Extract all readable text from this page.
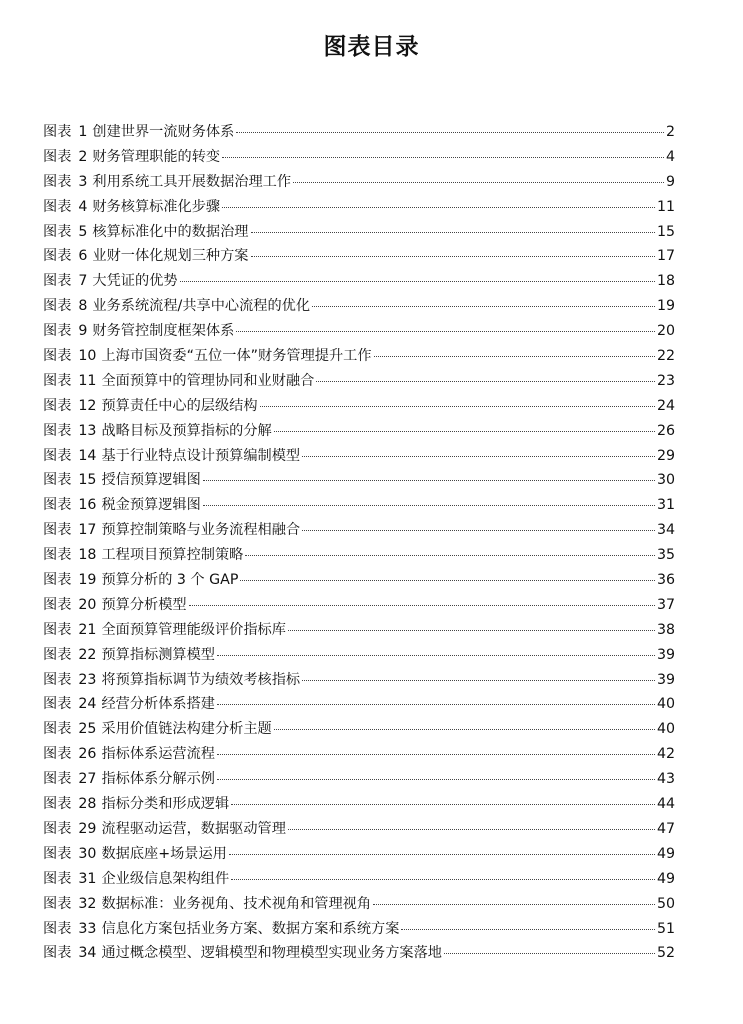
图表目录
图表 1 创建世界一流财务体系	2
图表 2 财务管理职能的转变	4
图表 3 利用系统工具开展数据治理工作	9
图表 4 财务核算标准化步骤	11
图表 5 核算标准化中的数据治理	15
图表 6 业财一体化规划三种方案	17
图表 7 大凭证的优势	18
图表 8 业务系统流程/共享中心流程的优化	19
图表 9 财务管控制度框架体系	20
图表 10 上海市国资委“五位一体”财务管理提升工作	22
图表 11 全面预算中的管理协同和业财融合	23
图表 12 预算责任中心的层级结构	24
图表 13 战略目标及预算指标的分解	26
图表 14 基于行业特点设计预算编制模型	29
图表 15 授信预算逻辑图	30
图表 16 税金预算逻辑图	31
图表 17 预算控制策略与业务流程相融合	34
图表 18 工程项目预算控制策略	35
图表 19 预算分析的 3 个 GAP	36
图表 20 预算分析模型	37
图表 21 全面预算管理能级评价指标库	38
图表 22 预算指标测算模型	39
图表 23 将预算指标调节为绩效考核指标	39
图表 24 经营分析体系搭建	40
图表 25 采用价值链法构建分析主题	40
图表 26 指标体系运营流程	42
图表 27 指标体系分解示例	43
图表 28 指标分类和形成逻辑	44
图表 29 流程驱动运营，数据驱动管理	47
图表 30 数据底座+场景运用	49
图表 31 企业级信息架构组件	49
图表 32 数据标准：业务视角、技术视角和管理视角	50
图表 33 信息化方案包括业务方案、数据方案和系统方案	51
图表 34 通过概念模型、逻辑模型和物理模型实现业务方案落地	52
